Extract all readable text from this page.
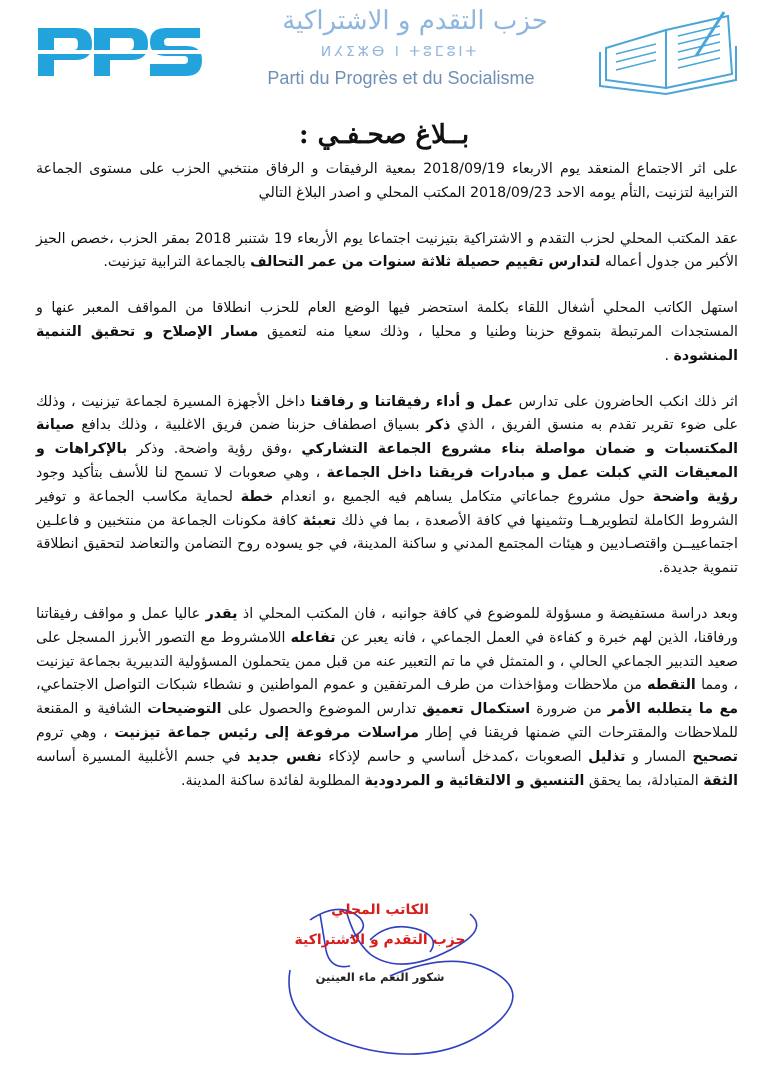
حزب التقدم و الاشتراكية
ⵍⵃⵉⵣⴱ ⵏ ⵜⵓⵎⵓⵏⵜ
Parti du Progrès et du Socialisme
بــلاغ صحـفـي :

على اثر الاجتماع المنعقد يوم الاربعاء 2018/09/19 بمعية الرفيقات و الرفاق منتخبي الحزب على مستوى الجماعة الترابية لتزنيت ,التأم يومه الاحد 2018/09/23 المكتب المحلي و اصدر البلاغ التالي

عقد المكتب المحلي لحزب التقدم و الاشتراكية بتيزنيت اجتماعا يوم الأربعاء 19 شتنبر 2018 بمقر الحزب ،خصص الحيز الأكبر من جدول أعماله لتدارس تقييم حصيلة ثلاثة سنوات من عمر التحالف بالجماعة الترابية تيزنيت.

استهل الكاتب المحلي أشغال اللقاء بكلمة استحضر فيها الوضع العام للحزب انطلاقا من المواقف المعبر عنها و المستجدات المرتبطة بتموقع حزبنا وطنيا و محليا ، وذلك سعيا منه لتعميق مسار الإصلاح و تحقيق التنمية المنشودة .

اثر ذلك انكب الحاضرون على تدارس عمل و أداء رفيقاتنا و رفاقنا داخل الأجهزة المسيرة لجماعة تيزنيت ، وذلك على ضوء تقرير تقدم به منسق الفريق ، الذي ذكر بسياق اصطفاف حزبنا ضمن فريق الاغلبية ، وذلك بدافع صيانة المكتسبات و ضمان مواصلة بناء مشروع الجماعة التشاركي ،وفق رؤية واضحة. وذكر بالإكراهات و المعيقات التي كبلت عمل و مبادرات فريقنا داخل الجماعة ، وهي صعوبات لا تسمح لنا للأسف بتأكيد وجود رؤية واضحة حول مشروع جماعاتي متكامل يساهم فيه الجميع ،و انعدام خطة لحماية مكاسب الجماعة و توفير الشروط الكاملة لتطويرهــا وتثمينها في كافة الأصعدة ، بما في ذلك تعبئة كافة مكونات الجماعة من منتخبين و فاعلـين اجتماعييــن واقتصـاديين و هيئات المجتمع المدني و ساكنة المدينة، في جو يسوده روح التضامن والتعاضد لتحقيق انطلاقة تنموية جديدة.

وبعد دراسة مستفيضة و مسؤولة للموضوع في كافة جوانبه ، فان المكتب المحلي اذ يقدر عاليا عمل و مواقف رفيقاتنا ورفاقنا، الذين لهم خبرة و كفاءة في العمل الجماعي ، فانه يعبر عن تفاعله اللامشروط مع التصور الأبرز المسجل على صعيد التدبير الجماعي الحالي ، و المتمثل في ما تم التعبير عنه من قبل ممن يتحملون المسؤولية التدبيرية بجماعة تيزنيت ، ومما التقطه من ملاحظات ومؤاخذات من طرف المرتفقين و عموم المواطنين و نشطاء شبكات التواصل الاجتماعي، مع ما يتطلبه الأمر من ضرورة استكمال تعميق تدارس الموضوع والحصول على التوضيحات الشافية و المقنعة للملاحظات والمقترحات التي ضمنها فريقنا في إطار مراسلات مرفوعة إلى رئيس جماعة تيزنيت ، وهي تروم تصحيح المسار و تذليل الصعوبات ،كمدخل أساسي و حاسم لإذكاء نفس جديد في جسم الأغلبية المسيرة أساسه الثقة المتبادلة، بما يحقق التنسيق و الالتقائية و المردودية المطلوبة لفائدة ساكنة المدينة.

الكاتب المحلي
حزب التقدم و الاشتراكية
شكور النعم ماء العينين
